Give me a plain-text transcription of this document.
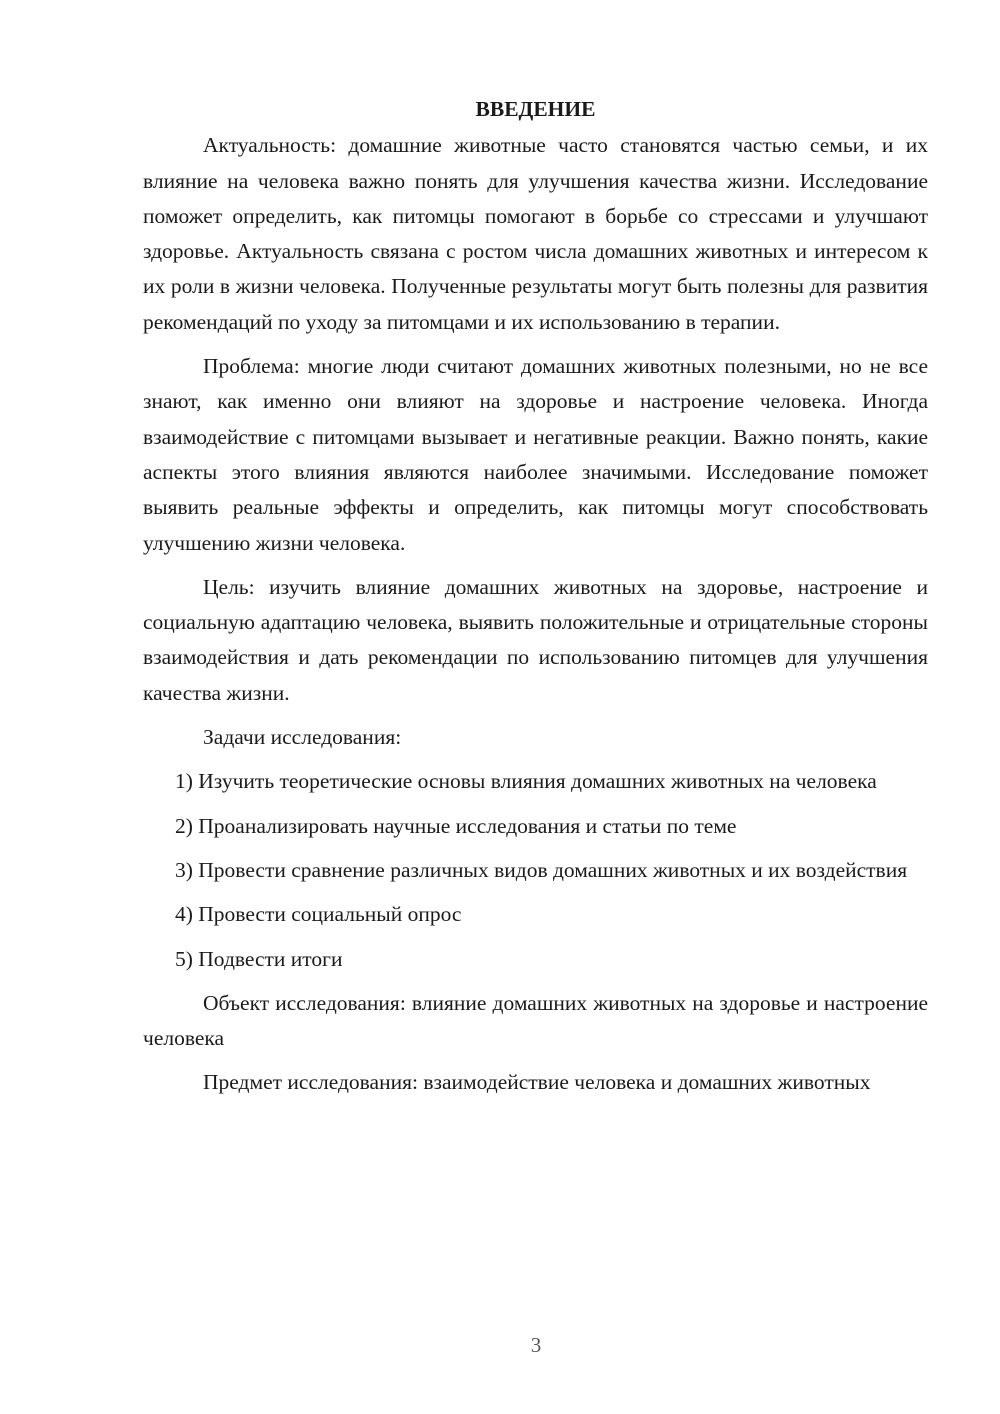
ВВЕДЕНИЕ

Актуальность: домашние животные часто становятся частью семьи, и их влияние на человека важно понять для улучшения качества жизни. Исследование поможет определить, как питомцы помогают в борьбе со стрессами и улучшают здоровье. Актуальность связана с ростом числа домашних животных и интересом к их роли в жизни человека. Полученные результаты могут быть полезны для развития рекомендаций по уходу за питомцами и их использованию в терапии.

Проблема: многие люди считают домашних животных полезными, но не все знают, как именно они влияют на здоровье и настроение человека. Иногда взаимодействие с питомцами вызывает и негативные реакции. Важно понять, какие аспекты этого влияния являются наиболее значимыми. Исследование поможет выявить реальные эффекты и определить, как питомцы могут способствовать улучшению жизни человека.

Цель: изучить влияние домашних животных на здоровье, настроение и социальную адаптацию человека, выявить положительные и отрицательные стороны взаимодействия и дать рекомендации по использованию питомцев для улучшения качества жизни.

Задачи исследования:

1) Изучить теоретические основы влияния домашних животных на человека

2) Проанализировать научные исследования и статьи по теме

3) Провести сравнение различных видов домашних животных и их воздействия

4) Провести социальный опрос

5) Подвести итоги

Объект исследования: влияние домашних животных на здоровье и настроение человека

Предмет исследования: взаимодействие человека и домашних животных

3
